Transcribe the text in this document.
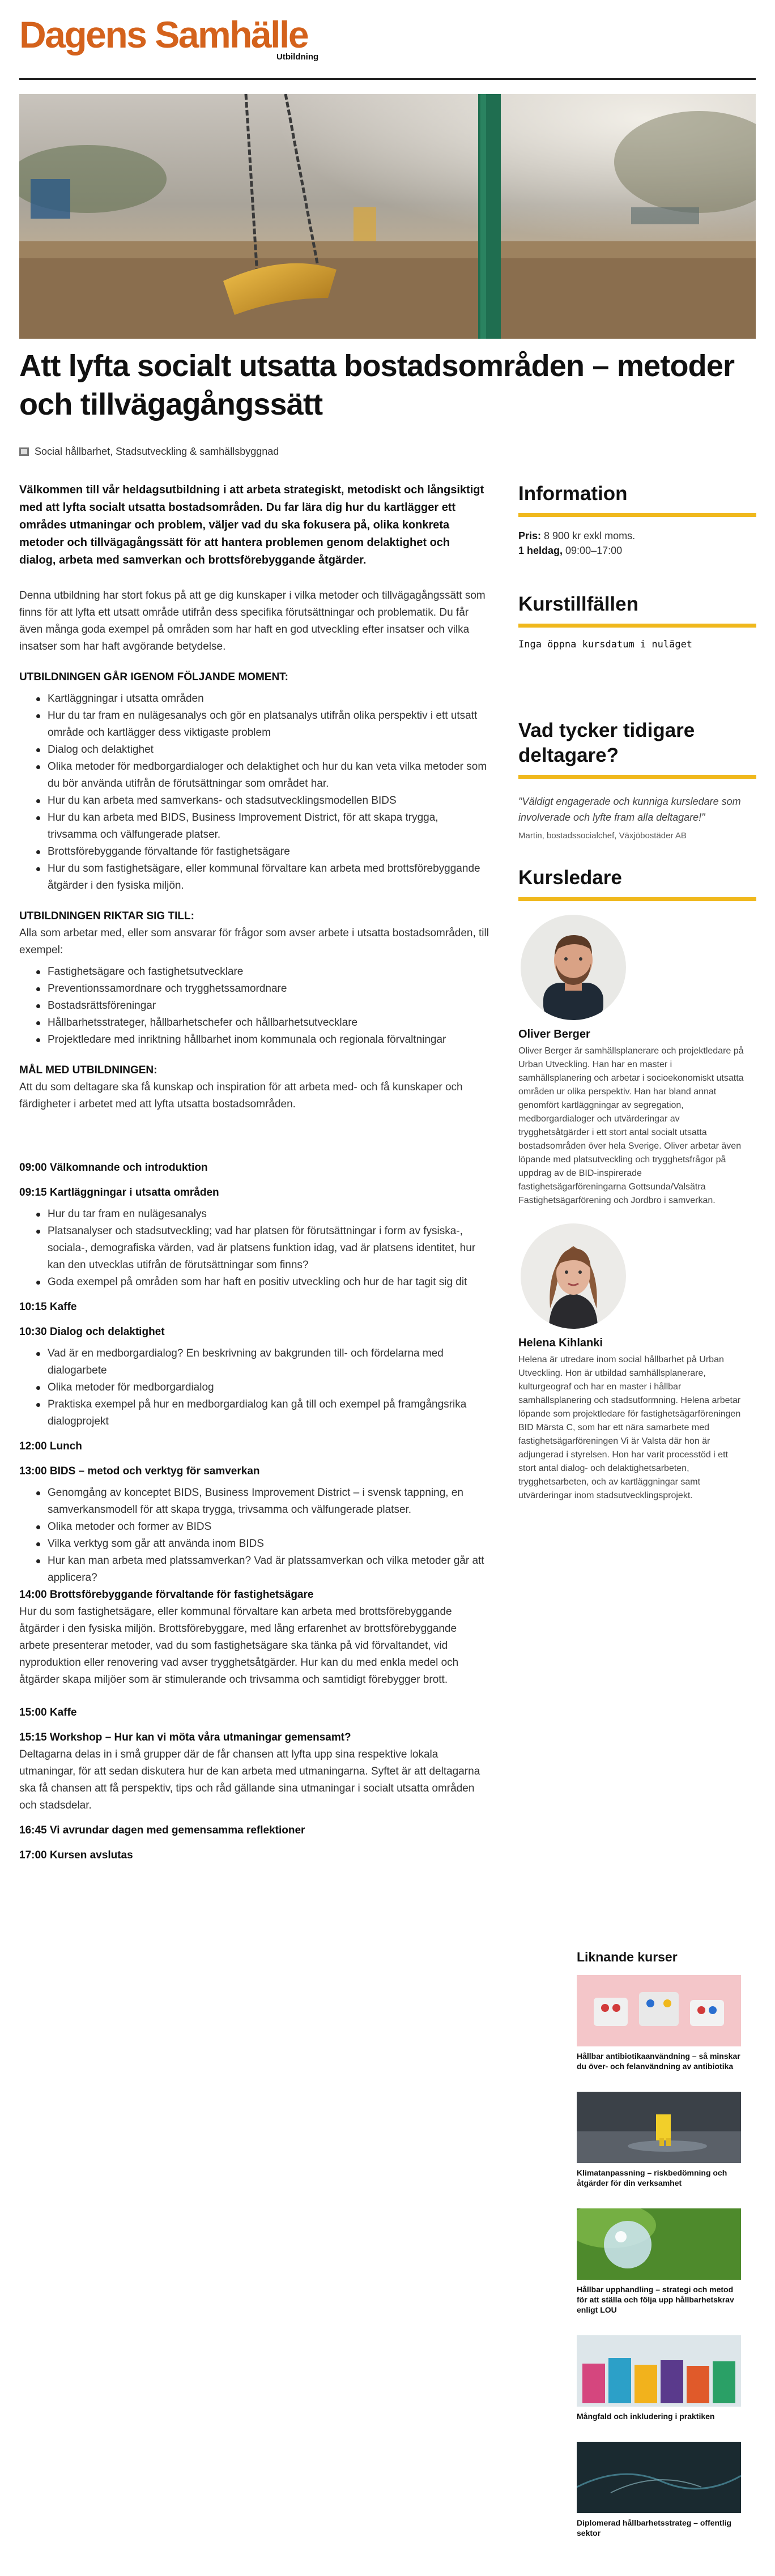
Dagens Samhälle
Utbildning
Att lyfta socialt utsatta bostadsområden – metoder och tillvägagångssätt
Social hållbarhet, Stadsutveckling & samhällsbyggnad

Välkommen till vår heldagsutbildning i att arbeta strategiskt, metodiskt och långsiktigt med att lyfta socialt utsatta bostadsområden. Du far lära dig hur du kartlägger ett områdes utmaningar och problem, väljer vad du ska fokusera på, olika konkreta metoder och tillvägagångssätt för att hantera problemen genom delaktighet och dialog, arbeta med samverkan och brottsförebyggande åtgärder.

Denna utbildning har stort fokus på att ge dig kunskaper i vilka metoder och tillvägagångssätt som finns för att lyfta ett utsatt område utifrån dess specifika förutsättningar och problematik. Du får även många goda exempel på områden som har haft en god utveckling efter insatser och vilka insatser som har haft avgörande betydelse.

UTBILDNINGEN GÅR IGENOM FÖLJANDE MOMENT:

Kartläggningar i utsatta områden
Hur du tar fram en nulägesanalys och gör en platsanalys utifrån olika perspektiv i ett utsatt område och kartlägger dess viktigaste problem
Dialog och delaktighet
Olika metoder för medborgardialoger och delaktighet och hur du kan veta vilka metoder som du bör använda utifrån de förutsättningar som området har.
Hur du kan arbeta med samverkans- och stadsutvecklingsmodellen BIDS
Hur du kan arbeta med BIDS, Business Improvement District, för att skapa trygga, trivsamma och välfungerade platser.
Brottsförebyggande förvaltande för fastighetsägare
Hur du som fastighetsägare, eller kommunal förvaltare kan arbeta med brottsförebyggande åtgärder i den fysiska miljön.

UTBILDNINGEN RIKTAR SIG TILL:

Alla som arbetar med, eller som ansvarar för frågor som avser arbete i utsatta bostadsområden, till exempel:

Fastighetsägare och fastighetsutvecklare
Preventionssamordnare och trygghetssamordnare
Bostadsrättsföreningar
Hållbarhetsstrateger, hållbarhetschefer och hållbarhetsutvecklare
Projektledare med inriktning hållbarhet inom kommunala och regionala förvaltningar

MÅL MED UTBILDNINGEN:

Att du som deltagare ska få kunskap och inspiration för att arbeta med- och få kunskaper och färdigheter i arbetet med att lyfta utsatta bostadsområden.

09:00 Välkomnande och introduktion

09:15 Kartläggningar i utsatta områden

Hur du tar fram en nulägesanalys
Platsanalyser och stadsutveckling; vad har platsen för förutsättningar i form av fysiska-, sociala-, demografiska värden, vad är platsens funktion idag, vad är platsens identitet, hur kan den utvecklas utifrån de förutsättningar som finns?
Goda exempel på områden som har haft en positiv utveckling och hur de har tagit sig dit

10:15 Kaffe

10:30 Dialog och delaktighet

Vad är en medborgardialog? En beskrivning av bakgrunden till- och fördelarna med dialogarbete
Olika metoder för medborgardialog
Praktiska exempel på hur en medborgardialog kan gå till och exempel på framgångsrika dialogprojekt

12:00 Lunch

13:00 BIDS – metod och verktyg för samverkan

Genomgång av konceptet BIDS, Business Improvement District – i svensk tappning, en samverkansmodell för att skapa trygga, trivsamma och välfungerade platser.
Olika metoder och former av BIDS
Vilka verktyg som går att använda inom BIDS
Hur kan man arbeta med platssamverkan? Vad är platssamverkan och vilka metoder går att applicera?

14:00 Brottsförebyggande förvaltande för fastighetsägare

Hur du som fastighetsägare, eller kommunal förvaltare kan arbeta med brottsförebyggande åtgärder i den fysiska miljön. Brottsförebyggare, med lång erfarenhet av brottsförebyggande arbete presenterar metoder, vad du som fastighetsägare ska tänka på vid förvaltandet, vid nyproduktion eller renovering vad avser trygghetsåtgärder. Hur kan du med enkla medel och åtgärder skapa miljöer som är stimulerande och trivsamma och samtidigt förebygger brott.

15:00 Kaffe

15:15 Workshop – Hur kan vi möta våra utmaningar gemensamt?

Deltagarna delas in i små grupper där de får chansen att lyfta upp sina respektive lokala utmaningar, för att sedan diskutera hur de kan arbeta med utmaningarna. Syftet är att deltagarna ska få chansen att få perspektiv, tips och råd gällande sina utmaningar i socialt utsatta områden och stadsdelar.

16:45 Vi avrundar dagen med gemensamma reflektioner

17:00 Kursen avslutas

Information
Pris: 8 900 kr exkl moms.
1 heldag, 09:00–17:00
Kurstillfällen
Inga öppna kursdatum i nuläget
Vad tycker tidigare deltagare?
"Väldigt engagerade och kunniga kursledare som involverade och lyfte fram alla deltagare!"
Martin, bostadssocialchef, Växjöbostäder AB
Kursledare
Oliver Berger
Oliver Berger är samhällsplanerare och projektledare på Urban Utveckling. Han har en master i samhällsplanering och arbetar i socioekonomiskt utsatta områden ur olika perspektiv. Han har bland annat genomfört kartläggningar av segregation, medborgardialoger och utvärderingar av trygghetsåtgärder i ett stort antal socialt utsatta bostadsområden över hela Sverige. Oliver arbetar även löpande med platsutveckling och trygghetsfrågor på uppdrag av de BID-inspirerade fastighetsägarföreningarna Gottsunda/Valsätra Fastighetsägarförening och Jordbro i samverkan.
Helena Kihlanki
Helena är utredare inom social hållbarhet på Urban Utveckling. Hon är utbildad samhällsplanerare, kulturgeograf och har en master i hållbar samhällsplanering och stadsutformning. Helena arbetar löpande som projektledare för fastighetsägarföreningen BID Märsta C, som har ett nära samarbete med fastighetsägarföreningen Vi är Valsta där hon är adjungerad i styrelsen. Hon har varit processtöd i ett stort antal dialog- och delaktighetsarbeten, trygghetsarbeten, och av kartläggningar samt utvärderingar inom stadsutvecklingsprojekt.
Liknande kurser
Hållbar antibiotikaanvändning – så minskar du över- och felanvändning av antibiotika
Klimatanpassning – riskbedömning och åtgärder för din verksamhet
Hållbar upphandling – strategi och metod för att ställa och följa upp hållbarhetskrav enligt LOU
Mångfald och inkludering i praktiken
Diplomerad hållbarhetsstrateg – offentlig sektor
